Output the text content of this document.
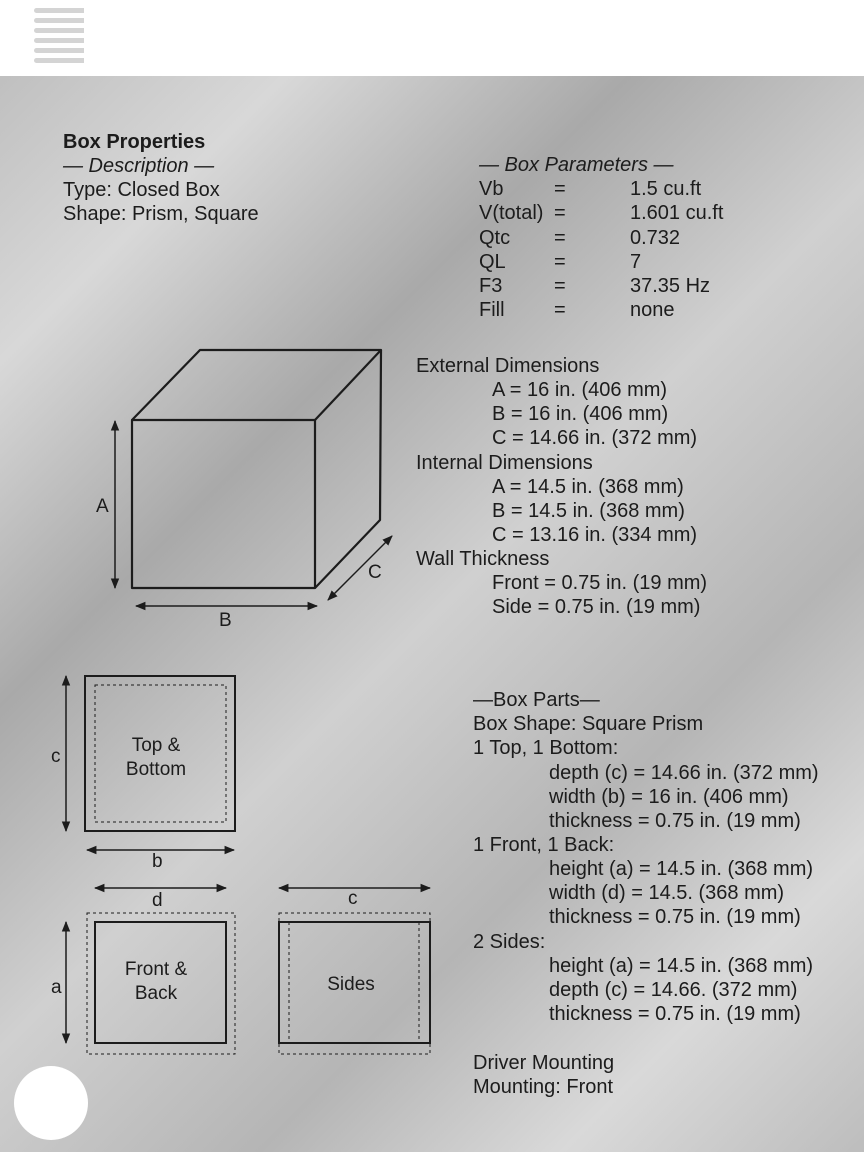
Box Properties
— Description —
Type: Closed Box
Shape: Prism, Square
— Box Parameters —
Vb	=	1.5 cu.ft
V(total) =	1.601 cu.ft
Qtc =	0.732
QL =	7
F3	=	37.35 Hz
Fill =	none
External Dimensions
A = 16 in. (406 mm)
B = 16 in. (406 mm)
C = 14.66 in. (372 mm)
Internal Dimensions
A = 14.5 in. (368 mm)
B = 14.5 in. (368 mm)
C = 13.16 in. (334 mm)
Wall Thickness
Front = 0.75 in. (19 mm)
Side = 0.75 in. (19 mm)
—Box Parts—
Box Shape: Square Prism
1 Top, 1 Bottom:
depth (c) = 14.66 in. (372 mm)
width (b) = 16 in. (406 mm)
thickness = 0.75 in. (19 mm)
1 Front, 1 Back:
height (a) = 14.5 in. (368 mm)
width (d) = 14.5. (368 mm)
thickness = 0.75 in. (19 mm)
2 Sides:
height (a) = 14.5 in. (368 mm)
depth (c) = 14.66. (372 mm)
thickness = 0.75 in. (19 mm)
Driver Mounting
Mounting: Front
A
B
C
Top &
Bottom
Front &
Back	Sides
c
b
d
a
c
